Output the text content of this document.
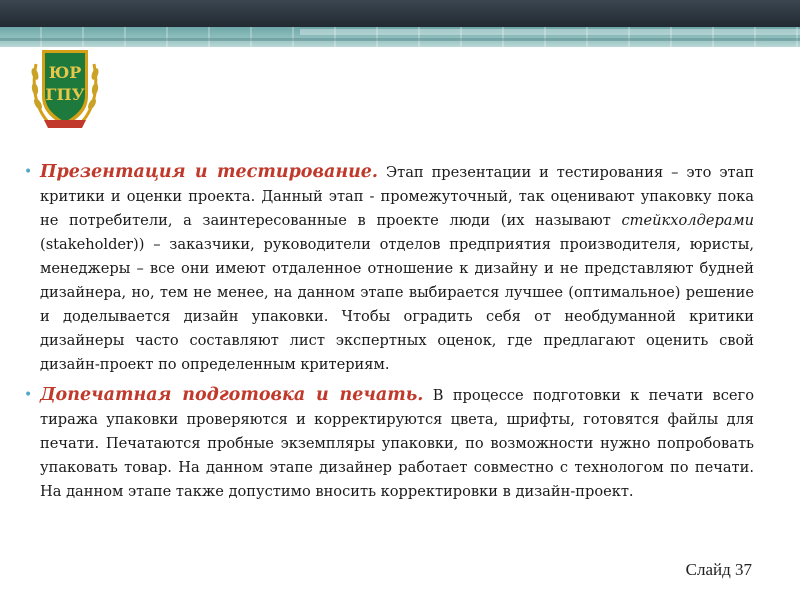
ЮР
ГПУ
• Презентация и тестирование. Этап презентации и тестирования – это этап критики и оценки проекта. Данный этап - промежуточный, так оценивают упаковку пока не потребители, а заинтересованные в проекте люди (их называют стейкхолдерами (stakeholder)) – заказчики, руководители отделов предприятия производителя, юристы, менеджеры – все они имеют отдаленное отношение к дизайну и не представляют будней дизайнера, но, тем не менее, на данном этапе выбирается лучшее (оптимальное) решение и доделывается дизайн упаковки. Чтобы оградить себя от необдуманной критики дизайнеры часто составляют лист экспертных оценок, где предлагают оценить свой дизайн-проект по определенным критериям.
• Допечатная подготовка и печать. В процессе подготовки к печати всего тиража упаковки проверяются и корректируются цвета, шрифты, готовятся файлы для печати. Печатаются пробные экземпляры упаковки, по возможности нужно попробовать упаковать товар. На данном этапе дизайнер работает совместно с технологом по печати. На данном этапе также допустимо вносить корректировки в дизайн-проект.
Слайд 37
